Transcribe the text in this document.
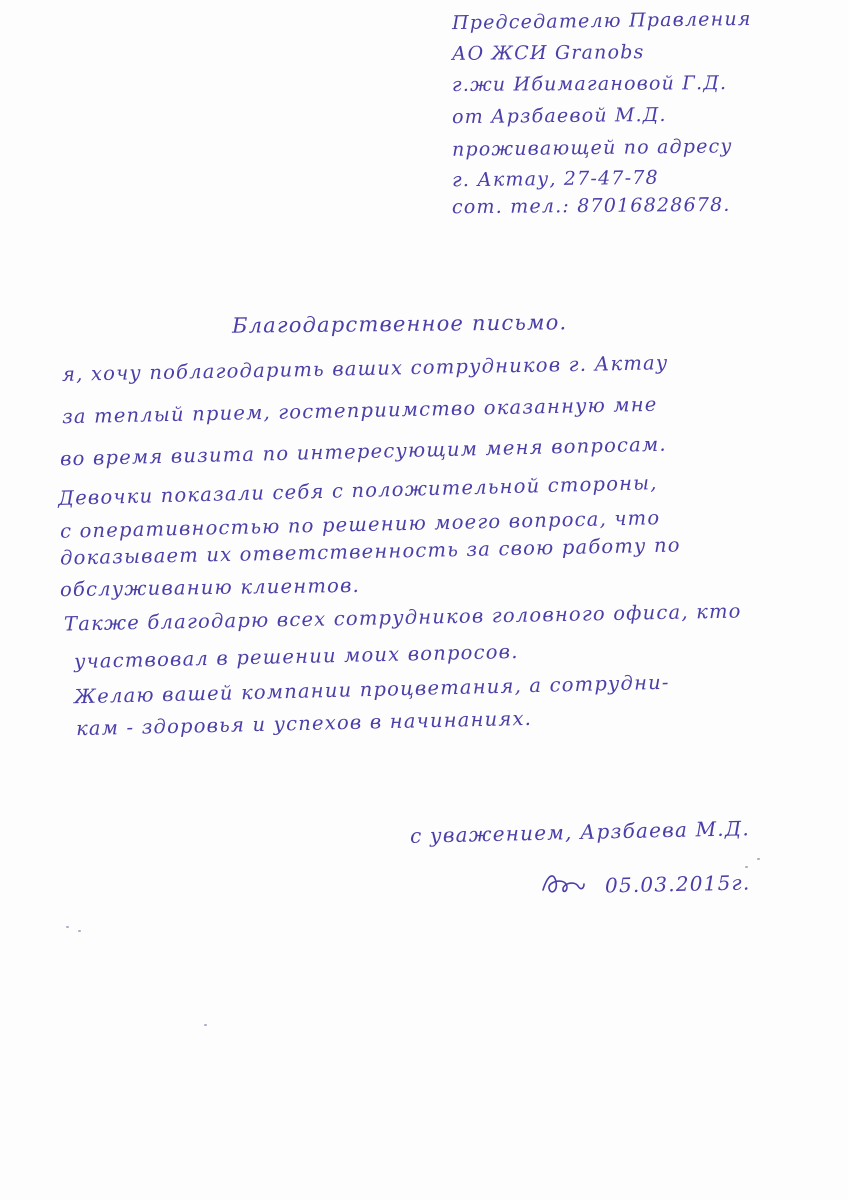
Председателю Правления
АО ЖСИ Granobs
г.жи Ибимагановой Г.Д.
от Арзбаевой М.Д.
проживающей по адресу
г. Актау, 27-47-78
сот. тел.: 87016828678.
Благодарственное письмо.
я, хочу поблагодарить ваших сотрудников г. Актау
за теплый прием, гостеприимство оказанную мне
во время визита по интересующим меня вопросам.
Девочки показали себя с положительной стороны,
с оперативностью по решению моего вопроса, что
доказывает их ответственность за свою работу по
обслуживанию клиентов.
Также благодарю всех сотрудников головного офиса, кто
участвовал в решении моих вопросов.
Желаю вашей компании процветания, а сотрудни-
кам - здоровья и успехов в начинаниях.
с уважением, Арзбаева М.Д.
05.03.2015г.
